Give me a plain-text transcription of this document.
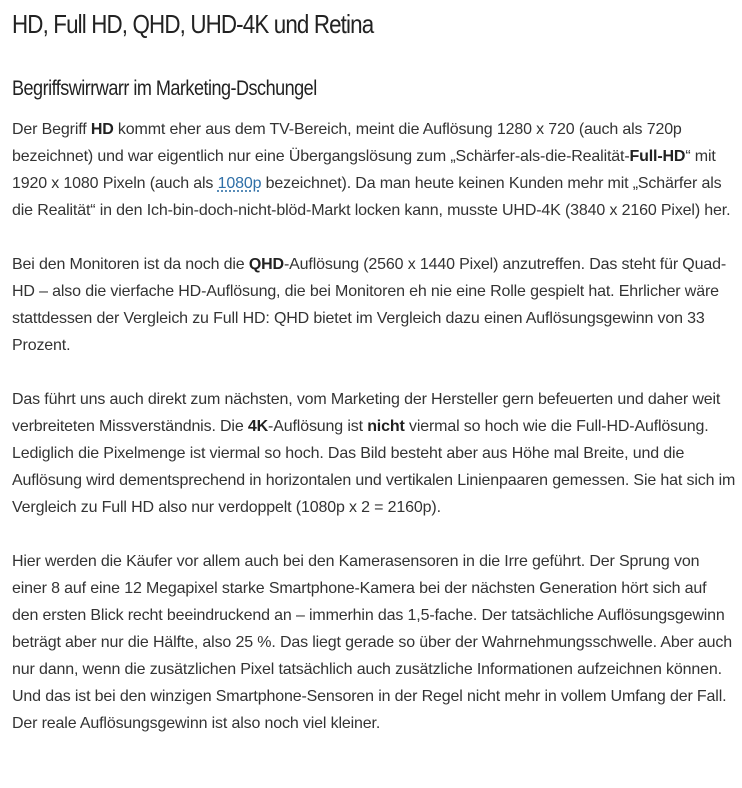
HD, Full HD, QHD, UHD-4K und Retina
Begriffswirrwarr im Marketing-Dschungel

Der Begriff HD kommt eher aus dem TV-Bereich, meint die Auflösung 1280 x 720 (auch als 720p bezeichnet) und war eigentlich nur eine Übergangslösung zum „Schärfer-als-die-Realität-Full-HD“ mit 1920 x 1080 Pixeln (auch als 1080p bezeichnet). Da man heute keinen Kunden mehr mit „Schärfer als die Realität“ in den Ich-bin-doch-nicht-blöd-Markt locken kann, musste UHD-4K (3840 x 2160 Pixel) her.

Bei den Monitoren ist da noch die QHD-Auflösung (2560 x 1440 Pixel) anzutreffen. Das steht für Quad-HD – also die vierfache HD-Auflösung, die bei Monitoren eh nie eine Rolle gespielt hat. Ehrlicher wäre stattdessen der Vergleich zu Full HD: QHD bietet im Vergleich dazu einen Auflösungsgewinn von 33 Prozent.

Das führt uns auch direkt zum nächsten, vom Marketing der Hersteller gern befeuerten und daher weit verbreiteten Missverständnis. Die 4K-Auflösung ist nicht viermal so hoch wie die Full-HD-Auflösung. Lediglich die Pixelmenge ist viermal so hoch. Das Bild besteht aber aus Höhe mal Breite, und die Auflösung wird dementsprechend in horizontalen und vertikalen Linienpaaren gemessen. Sie hat sich im Vergleich zu Full HD also nur verdoppelt (1080p x 2 = 2160p).

Hier werden die Käufer vor allem auch bei den Kamerasensoren in die Irre geführt. Der Sprung von einer 8 auf eine 12 Megapixel starke Smartphone-Kamera bei der nächsten Generation hört sich auf den ersten Blick recht beeindruckend an – immerhin das 1,5-fache. Der tatsächliche Auflösungsgewinn beträgt aber nur die Hälfte, also 25 %. Das liegt gerade so über der Wahrnehmungsschwelle. Aber auch nur dann, wenn die zusätzlichen Pixel tatsächlich auch zusätzliche Informationen aufzeichnen können. Und das ist bei den winzigen Smartphone-Sensoren in der Regel nicht mehr in vollem Umfang der Fall. Der reale Auflösungsgewinn ist also noch viel kleiner.
